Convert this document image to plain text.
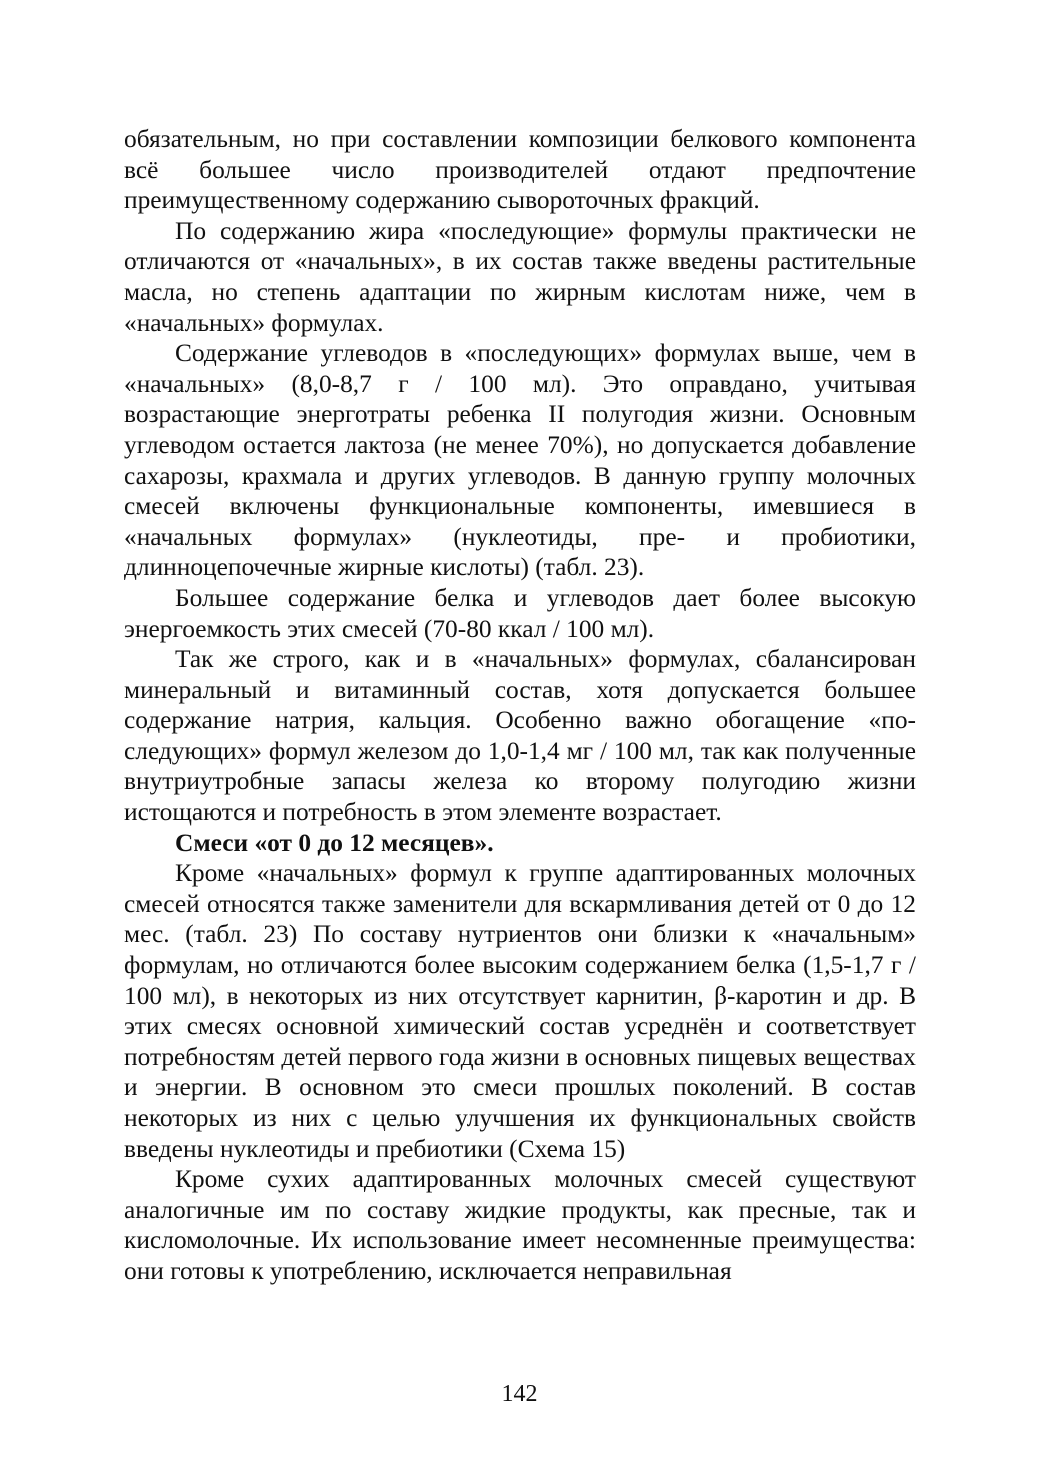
обязательным, но при составлении композиции белкового компонента всё большее число производителей отдают предпочтение преимущественному содержанию сывороточных фракций.

По содержанию жира «последующие» формулы практически не отличаются от «начальных», в их состав также введены растительные масла, но степень адаптации по жирным кислотам ниже, чем в «начальных» формулах.

Содержание углеводов в «последующих» формулах выше, чем в «начальных» (8,0-8,7 г / 100 мл). Это оправдано, учитывая возрастающие энерготраты ребенка II полугодия жизни. Основным углеводом остается лактоза (не менее 70%), но допускается добавление сахарозы, крахмала и других углеводов. В данную группу молочных смесей включены функциональные компоненты, имевшиеся в «начальных формулах» (нуклеотиды, пре- и пробиотики, длинноцепочечные жирные кислоты) (табл. 23).

Большее содержание белка и углеводов дает более высокую энергоемкость этих смесей (70-80 ккал / 100 мл).

Так же строго, как и в «начальных» формулах, сбалансирован минеральный и витаминный состав, хотя допускается большее содержание натрия, кальция. Особенно важно обогащение «последующих» формул железом до 1,0-1,4 мг / 100 мл, так как полученные внутриутробные запасы железа ко второму полугодию жизни истощаются и потребность в этом элементе возрастает.

Смеси «от 0 до 12 месяцев».

Кроме «начальных» формул к группе адаптированных молочных смесей относятся также заменители для вскармливания детей от 0 до 12 мес. (табл. 23) По составу нутриентов они близки к «начальным» формулам, но отличаются более высоким содержанием белка (1,5-1,7 г / 100 мл), в некоторых из них отсутствует карнитин, β-каротин и др. В этих смесях основной химический состав усреднён и соответствует потребностям детей первого года жизни в основных пищевых веществах и энергии. В основном это смеси прошлых поколений. В состав некоторых из них с целью улучшения их функциональных свойств введены нуклеотиды и пребиотики (Схема 15)

Кроме сухих адаптированных молочных смесей существуют аналогичные им по составу жидкие продукты, как пресные, так и кисломолочные. Их использование имеет несомненные преимущества: они готовы к употреблению, исключается неправильная

142
